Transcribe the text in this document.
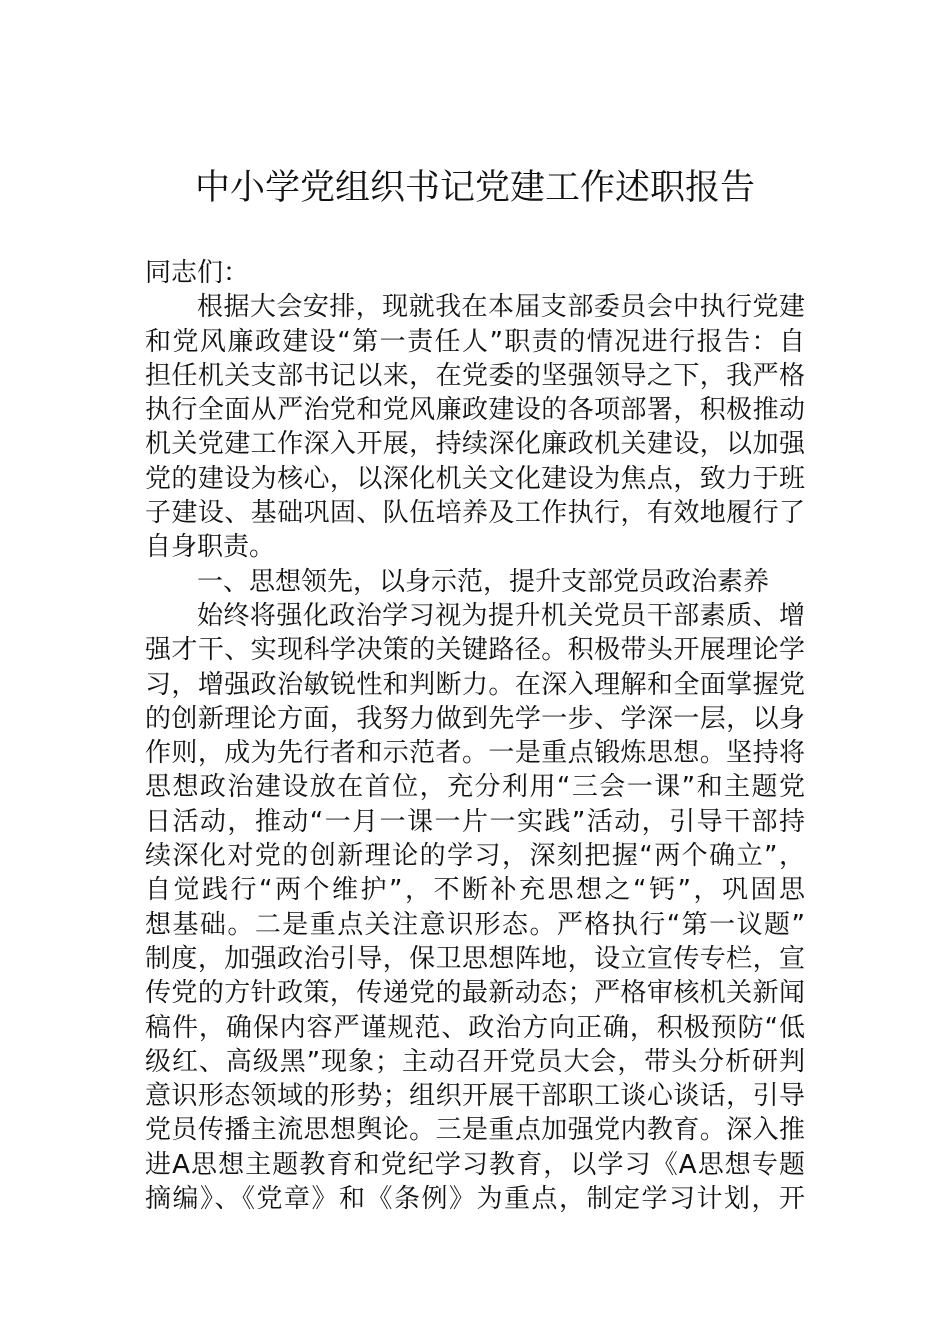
中小学党组织书记党建工作述职报告
同志们：
根据大会安排，现就我在本届支部委员会中执行党建
和党风廉政建设“第一责任人”职责的情况进行报告：自
担任机关支部书记以来，在党委的坚强领导之下，我严格
执行全面从严治党和党风廉政建设的各项部署，积极推动
机关党建工作深入开展，持续深化廉政机关建设，以加强
党的建设为核心，以深化机关文化建设为焦点，致力于班
子建设、基础巩固、队伍培养及工作执行，有效地履行了
自身职责。
一、思想领先，以身示范，提升支部党员政治素养
始终将强化政治学习视为提升机关党员干部素质、增
强才干、实现科学决策的关键路径。积极带头开展理论学
习，增强政治敏锐性和判断力。在深入理解和全面掌握党
的创新理论方面，我努力做到先学一步、学深一层，以身
作则，成为先行者和示范者。一是重点锻炼思想。坚持将
思想政治建设放在首位，充分利用“三会一课”和主题党
日活动，推动“一月一课一片一实践”活动，引导干部持
续深化对党的创新理论的学习，深刻把握“两个确立”，
自觉践行“两个维护”，不断补充思想之“钙”，巩固思
想基础。二是重点关注意识形态。严格执行“第一议题”
制度，加强政治引导，保卫思想阵地，设立宣传专栏，宣
传党的方针政策，传递党的最新动态；严格审核机关新闻
稿件，确保内容严谨规范、政治方向正确，积极预防“低
级红、高级黑”现象；主动召开党员大会，带头分析研判
意识形态领域的形势；组织开展干部职工谈心谈话，引导
党员传播主流思想舆论。三是重点加强党内教育。深入推
进A思想主题教育和党纪学习教育，以学习《A思想专题
摘编》、《党章》和《条例》为重点，制定学习计划，开
